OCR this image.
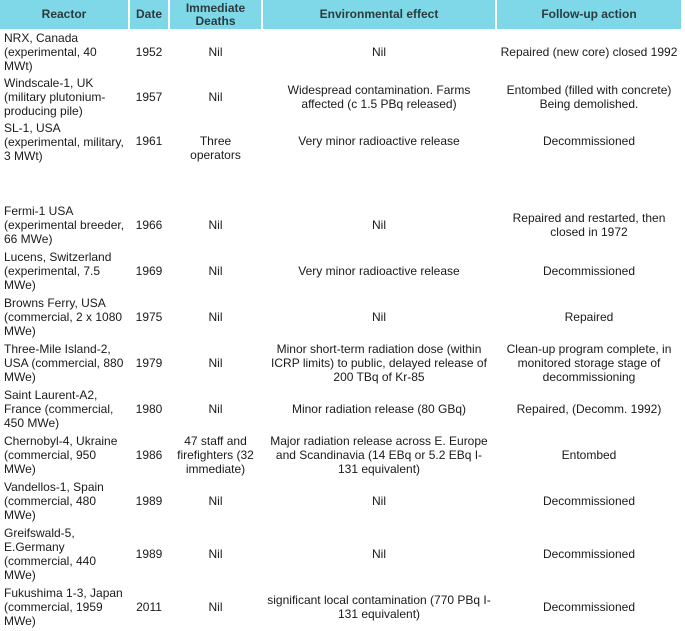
Reactor	Date	Immediate Deaths	Environmental effect	Follow-up action
NRX, Canada (experimental, 40 MWt)	1952	Nil	Nil	Repaired (new core) closed 1992
Windscale-1, UK (military plutonium-producing pile)	1957	Nil	Widespread contamination. Farms affected (c 1.5 PBq released)	Entombed (filled with concrete) Being demolished.
SL-1, USA (experimental, military, 3 MWt)	1961	Three operators	Very minor radioactive release	Decommissioned
Fermi-1 USA (experimental breeder, 66 MWe)	1966	Nil	Nil	Repaired and restarted, then closed in 1972
Lucens, Switzerland (experimental, 7.5 MWe)	1969	Nil	Very minor radioactive release	Decommissioned
Browns Ferry, USA (commercial, 2 x 1080 MWe)	1975	Nil	Nil	Repaired
Three-Mile Island-2, USA (commercial, 880 MWe)	1979	Nil	Minor short-term radiation dose (within ICRP limits) to public, delayed release of 200 TBq of Kr-85	Clean-up program complete, in monitored storage stage of decommissioning
Saint Laurent-A2, France (commercial, 450 MWe)	1980	Nil	Minor radiation release (80 GBq)	Repaired, (Decomm. 1992)
Chernobyl-4, Ukraine (commercial, 950 MWe)	1986	47 staff and firefighters (32 immediate)	Major radiation release across E. Europe and Scandinavia (14 EBq or 5.2 EBq I-131 equivalent)	Entombed
Vandellos-1, Spain (commercial, 480 MWe)	1989	Nil	Nil	Decommissioned
Greifswald-5, E.Germany (commercial, 440 MWe)	1989	Nil	Nil	Decommissioned
Fukushima 1-3, Japan (commercial, 1959 MWe)	2011	Nil	significant local contamination (770 PBq I-131 equivalent)	Decommissioned
